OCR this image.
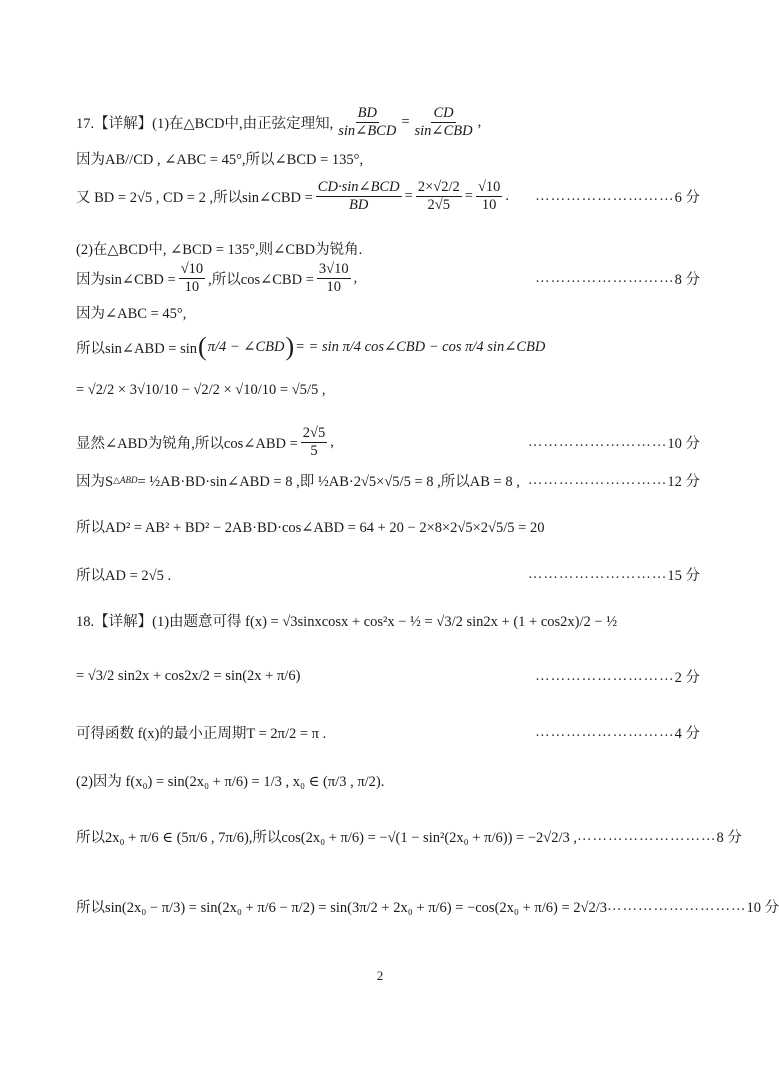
17.【详解】(1)在△BCD中,由正弦定理知, $\frac{BD}{\text{sin∠BCD}} = \frac{CD}{\text{sin∠CBD}}$ ,
因为AB//CD , ∠ABC = 45°,所以∠BCD = 135°,
又 BD = 2√5 , CD = 2 ,所以sin∠CBD = $\frac{\text{CD·sin∠BCD}}{BD} = \frac{2\times√2/2}{2√5} = \frac{√10}{10}$ . ……………………… 6 分
(2)在△BCD中, ∠BCD = 135°,则∠CBD为锐角.
因为sin∠CBD = $\frac{√10}{10}$ ,所以cos∠CBD = $\frac{3√10}{10}$ ,	……………………… 8 分
因为∠ABC = 45°,
所以sin∠ABD = sin ( π/4 − ∠CBD ) = = sin π/4 cos∠CBD − cos π/4 sin∠CBD
= √2/2 × 3√10/10 − √2/2 × √10/10 = √5/5 ,
显然∠ABD为锐角,所以cos∠ABD = $\frac{2√5}{5}$ ,	……………………… 10 分
因为S △ABD = ½AB·BD·sin∠ABD = 8 ,即 ½AB·2√5×√5/5 = 8 ,所以AB = 8 , ……………………… 12 分
所以AD² = AB² + BD² − 2AB·BD·cos∠ABD = 64 + 20 − 2×8×2√5×2√5/5 = 20
所以AD = 2√5 .	……………………… 15 分
18.【详解】(1)由题意可得 f(x) = √3sinxcosx + cos²x − ½ = √3/2 sin2x + (1 + cos2x)/2 − ½
= √3/2 sin2x + cos2x/2 = sin(2x + π/6)	……………………… 2 分
可得函数 f(x)的最小正周期T = 2π/2 = π .	……………………… 4 分
(2)因为 f(x₀) = sin(2x₀ + π/6) = 1/3 , x₀ ∈ (π/3 , π/2).
所以2x₀ + π/6 ∈ (5π/6 , 7π/6),所以cos(2x₀ + π/6) = −√(1 − sin²(2x₀ + π/6)) = −2√2/3 , ……………………… 8 分
所以sin(2x₀ − π/3) = sin(2x₀ + π/6 − π/2) = sin(3π/2 + 2x₀ + π/6) = −cos(2x₀ + π/6) = 2√2/3 ……………………… 10 分
2
